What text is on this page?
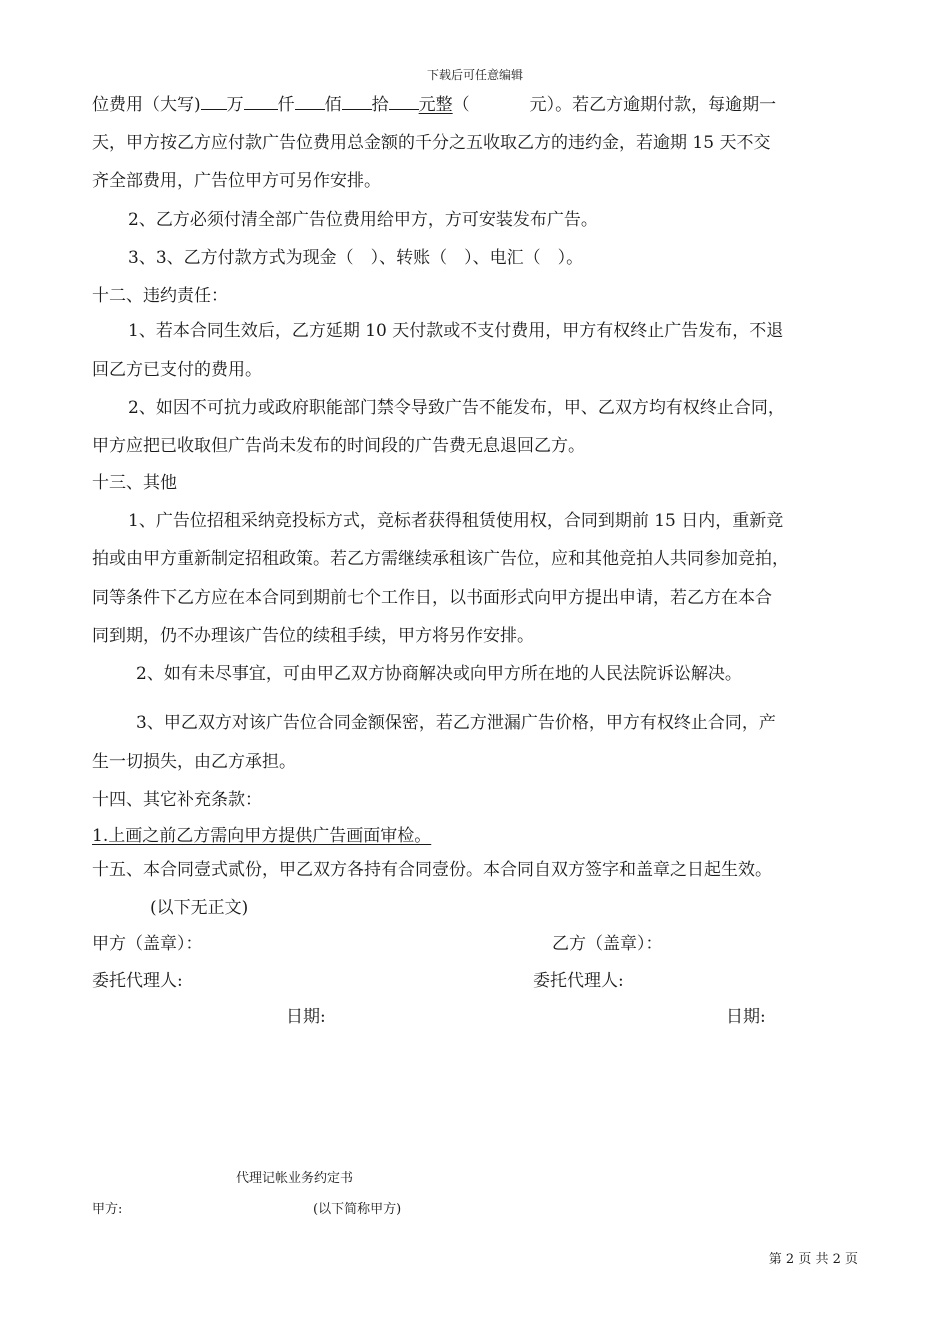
下载后可任意编辑
位费用（大写) 万 仟 佰 拾 元整（	元）。若乙方逾期付款，每逾期一
天，甲方按乙方应付款广告位费用总金额的千分之五收取乙方的违约金，若逾期 15 天不交
齐全部费用，广告位甲方可另作安排。
2、乙方必须付清全部广告位费用给甲方，方可安装发布广告。
3、3、乙方付款方式为现金（　）、转账（　）、电汇（　）。
十二、违约责任：
1、若本合同生效后，乙方延期 10 天付款或不支付费用，甲方有权终止广告发布，不退
回乙方已支付的费用。
2、如因不可抗力或政府职能部门禁令导致广告不能发布，甲、乙双方均有权终止合同，
甲方应把已收取但广告尚未发布的时间段的广告费无息退回乙方。
十三、其他
1、广告位招租采纳竞投标方式，竞标者获得租赁使用权，合同到期前 15 日内，重新竞
拍或由甲方重新制定招租政策。若乙方需继续承租该广告位，应和其他竞拍人共同参加竞拍，
同等条件下乙方应在本合同到期前七个工作日，以书面形式向甲方提出申请，若乙方在本合
同到期，仍不办理该广告位的续租手续，甲方将另作安排。
2、如有未尽事宜，可由甲乙双方协商解决或向甲方所在地的人民法院诉讼解决。
3、甲乙双方对该广告位合同金额保密，若乙方泄漏广告价格，甲方有权终止合同，产
生一切损失，由乙方承担。
十四、其它补充条款：
1.上画之前乙方需向甲方提供广告画面审检。
十五、本合同壹式贰份，甲乙双方各持有合同壹份。本合同自双方签字和盖章之日起生效。
(以下无正文)
甲方（盖章）：	乙方（盖章）：
委托代理人:	委托代理人:
日期:	日期:
代理记帐业务约定书
甲方:	(以下简称甲方)
第 2 页 共 2 页
